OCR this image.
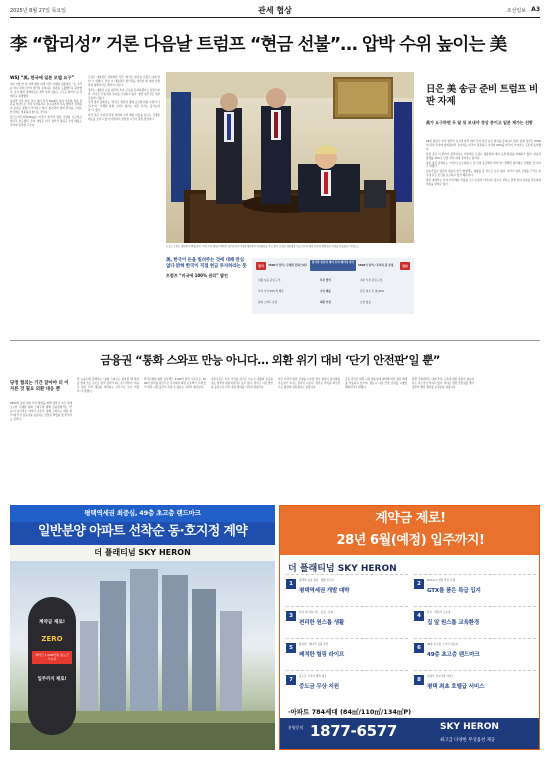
2025년 8월 27일 목요일	관세 협상	조선일보 A3
李 “합리성” 거론 다음날 트럼프 “현금 선불”… 압박 수위 높이는 美
WSJ “美, 한국에 일본 모델 요구”

지난 7월 한 미 관세 협상 타결 이후 이재명 대통령은 “돈 고리를 떠나 상의 다”며 합리성 유지하는 결과를 도출했다고 평가했다. 당시 협상 관계자들은 세부 합의 내용도 구두로 합의가 된 상태라고 설명했다.

하지만 이후 미국 측이 대미 투자 3500억 달러 가운데 상당 부분을 현금으로 직접 투자하라고 요구하면서 후속 협의가 진척되지 못하는 상황이 이어지고 있다. 일본과의 합의 방식을 그대로 한국에도 적용하려 한다는 것이다.

월스트리트저널(WSJ)은 미국이 한국에 일본 모델을 요구하고 있다고 보도했다. 투자 대상은 미국 정부가 정하고 수익 배분도 미국에 유리한 구조다.

트럼프 대통령은 정상회담 직후 “한국은 현금을 선불로 내야 한다”고 말했다. 전날 이 대통령이 합리성을 거론한 데 대한 사실상의 답변이라는 해석이 나온다.

정부는 대출과 보증 위주의 투자 구조를 유지하겠다는 입장이지만, 미국은 직접 지분 투자를 고집하고 있다. 협상 실무진은 세부 조율에 나섰다.

우리 정부 관계자는 “한국은 일본과 경제 규모와 외환 사정이 다르다”며 “무제한 통화 스와프 없이는 현금 투자는 불가능하다”고 했다.

미국 측은 투자처 선정 권한과 수익 배분 비율을 놓고도 강경한 태도를 보이고 있어 타결까지 상당한 시간이 걸릴 전망이다.

도널드 트럼프 대통령이 25일(현지 시각) 미국 워싱턴 백악관 집무실에서 이재명 대통령과 정상회담을 하고 있다. 트럼프 대통령은 이날 한국의 대미 투자에 대해 현금 선불을 언급했다. /연합뉴스
日은 美 송금 준비 트럼프 비판 자제
美가 요구하면 두 달 뒤 보내야 정상 중이고 일본 재가는 선방

28일 일본은 미국 정부의 요구에 따라 대미 투자 자금 송금 절차를 준비하고 있다. 일본 정부는 5500억 달러 투자에 합의하면서 투자처는 미국이 결정하고 수익의 90%를 미국이 가져가는 구조에 동의했다.

일본 측은 이 합의가 불리하다는 비판에도 트럼프 대통령에 대한 공개 비판을 자제하고 있다. 자동차 관세를 15%로 낮춘 것이 최대 성과라는 평가다.

일본 정부 관계자는 “미국이 요구하면 두 달 안에 송금해야 한다”며 “정해진 절차대로 진행할 것”이라고 말했다.

전문가들은 일본의 대응이 한국 협상에도 영향을 줄 것으로 보고 있다. 미국이 일본 모델을 근거로 한국에 같은 조건을 요구하고 있기 때문이다.

일본 내에서는 투자 수익 배분 비율을 두고 논란이 이어지고 있으나 정부는 관세 인하 효과를 강조하며 여론을 달래고 있다.

美, 한국이 돈을 빌려주는 것에 대해 관심 없다 밝혀 한국이 직접 현금 투자하라는 뜻
트럼프 “미국에 100% 권리” 발언
한국
한국과 일본의 대미 투자 패키지 차이
일본
3500억 달러 / 무제한 통화스와프	5500억 달러 / 투자처 美 결정
대출·보증 중심 구조	투자 방식	지분 투자 중심 구조
투자 수익 50%씩 배분	수익 배분	원금 회수 후 美 90%
통화 스와프 요청	외환 안정	요청 없음
금융권 “통화 스와프 만능 아니다… 외환 위기 대비 ‘단기 안전판’일 뿐”
당정 협의는 기간 같아야 더 이자른 것 필요 외환 대응 뿐

3500억 달러 대미 투자 협상을 위해 정부가 미국 측에 요구한 무제한 통화 스와프에 대해 금융권에서는 ‘만능’이 아니라는 지적이 나온다. 통화 스와프는 외환 위기 때 단기 유동성을 공급하는 안전판 역할을 할 뿐이라는 것이다.

한 시중은행 관계자는 “통화 스와프는 필요할 때 달러를 빌려 쓰는 구조로 결국 갚아야 하는 돈”이라며 “대규모 현금 투자 재원을 마련하는 수단으로 보기 어렵다”고 말했다.

한국은행의 외환 보유액은 4100억 달러 수준으로, 3500억 달러를 현금으로 투자하면 외환 보유액이 크게 줄어 외환 시장 불안이 커질 수 있다는 우려가 제기된다.

전문가들은 투자 기간을 장기로 나누고 대출과 보증을 섞는 방식이 현실적이라고 보고 있다. 정부도 이런 방안을 중심으로 미국 측과 협의를 이어갈 방침이다.

다만 미국이 일본 모델을 고수할 경우 협상이 장기화될 가능성이 크다는 관측이 나온다. 정부는 국익을 최우선으로 협상에 임하겠다는 입장이다.

금융 당국은 외환 시장 변동성에 대비해 비상 점검 체계를 가동하고 있으며, 필요시 시장 안정 조치를 시행할 계획이라고 밝혔다.

한편 국회에서도 대미 투자 구조에 대한 점검이 필요하다는 목소리가 커지고 있다. 여야는 관련 상임위를 열어 정부의 협상 경과를 보고받을 예정이다.

평택역세권 최중심, 49층 초고층 랜드마크
일반분양 아파트 선착순 동·호지정 계약
더 플래티넘 SKY HERON
계약금 제로!
ZERO
계약금 1,000만원 중도금 무이자
입주까지 제로!
계약금 제로!
28년 6월(예정) 입주까지!
더 플래티넘 SKY HERON
1
평택역 중심 입지 · 생활 인프라
평택역세권 개발 대박
2
GTX-A·C 연장 추진 수혜
GTX를 품은 특급 입지
3
단지 내 커뮤니티 · 쇼핑 · 문화
편리한 원스톱 생활
4
학교 · 학원가 도보권
집 앞 원스톱 교육환경
5
통복천 · 배다리 공원 조망
쾌적한 힐링 라이프
6
49층 초고층 스카이 라운지
49층 초고층 랜드마크
7
중도금 무이자 혜택 제공
중도금 무상 지원
8
호텔식 컨시어지 서비스
평택 최초 호텔급 서비스
·아파트 784세대 (84㎡/110㎡/134㎡P)
분양문의 1877-6577	SKY HERON
최고급 다양한 무상옵션 제공
